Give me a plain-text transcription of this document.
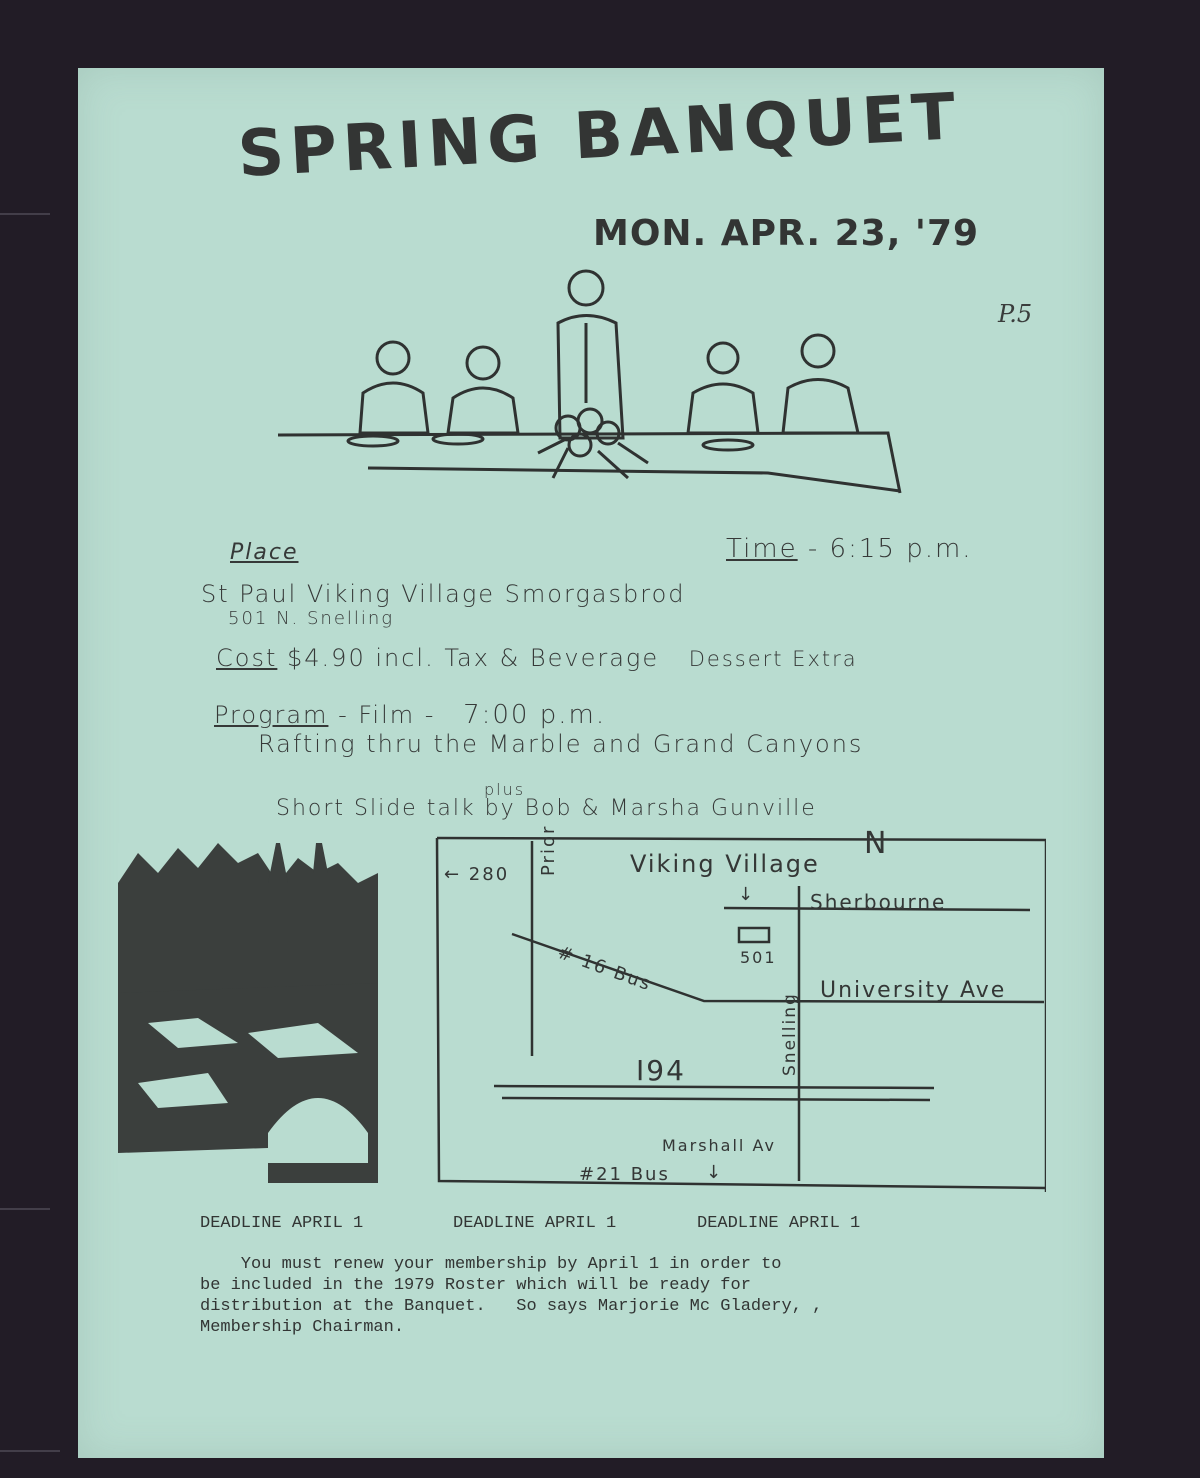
SPRING BANQUET
MON. APR. 23, '79
P.5
Place	Time - 6:15 p.m.
St Paul Viking Village Smorgasbrod
501 N. Snelling
Cost $4.90 incl. Tax & Beverage Dessert Extra
Program - Film - 7:00 p.m.
Rafting thru the Marble and Grand Canyons
plus
Short Slide talk by Bob & Marsha Gunville
N
← 280 Prior	Viking Village
↓	Sherbourne
501
# 16 Bus	University Ave
Snelling
I94
Marshall Av
#21 Bus ↓
DEADLINE APRIL 1	DEADLINE APRIL 1	DEADLINE APRIL 1
You must renew your membership by April 1 in order to
be included in the 1979 Roster which will be ready for
distribution at the Banquet.   So says Marjorie Mc Gladery, ,
Membership Chairman.
